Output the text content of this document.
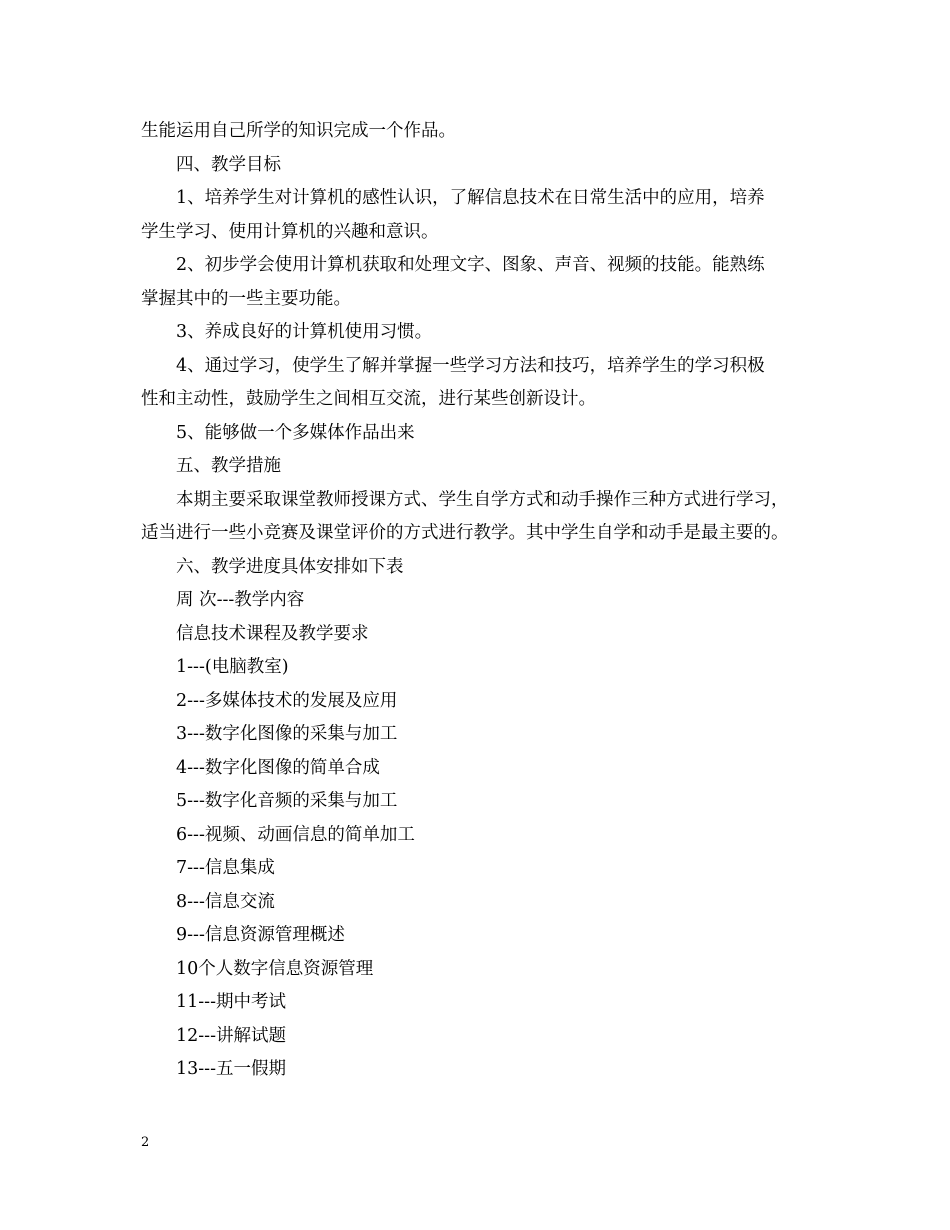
生能运用自己所学的知识完成一个作品。
四、教学目标
1、培养学生对计算机的感性认识，了解信息技术在日常生活中的应用，培养
学生学习、使用计算机的兴趣和意识。
2、初步学会使用计算机获取和处理文字、图象、声音、视频的技能。能熟练
掌握其中的一些主要功能。
3、养成良好的计算机使用习惯。
4、通过学习，使学生了解并掌握一些学习方法和技巧，培养学生的学习积极
性和主动性，鼓励学生之间相互交流，进行某些创新设计。
5、能够做一个多媒体作品出来
五、教学措施
本期主要采取课堂教师授课方式、学生自学方式和动手操作三种方式进行学习，
适当进行一些小竞赛及课堂评价的方式进行教学。其中学生自学和动手是最主要的。
六、教学进度具体安排如下表
周 次---教学内容
信息技术课程及教学要求
1---(电脑教室)
2---多媒体技术的发展及应用
3---数字化图像的采集与加工
4---数字化图像的简单合成
5---数字化音频的采集与加工
6---视频、动画信息的简单加工
7---信息集成
8---信息交流
9---信息资源管理概述
10个人数字信息资源管理
11---期中考试
12---讲解试题
13---五一假期
2
